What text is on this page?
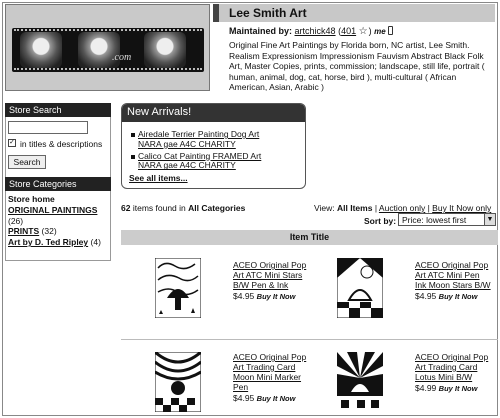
.com
Lee Smith Art
Maintained by: artchick48 (401 ☆) me
Original Fine Art Paintings by Florida born, NC artist, Lee Smith. Realism Expressionism Impressionism Fauvism Abstract Black Folk Art, Master Copies, prints, commission; landscape, still life, portrait ( human, animal, dog, cat, horse, bird ), multi-cultural ( African American, Asian, Arabic )
Store Search
✓ in titles & descriptions
Search
Store Categories
Store home
ORIGINAL PAINTINGS (26)
PRINTS (32)
Art by D. Ted Ripley (4)
New Arrivals!
Airedale Terrier Painting Dog Art
NARA gae A4C CHARITY
Calico Cat Painting FRAMED Art
NARA gae A4C CHARITY
See all items...
62 items found in All Categories	View: All Items | Auction only | Buy It Now only
Sort by: Price: lowest first	▼
Item Title
ACEO Original Pop Art ATC Mini Stars B/W Pen & Ink
$4.95 Buy It Now
ACEO Original Pop Art ATC Mini Pen Ink Moon Stars B/W
$4.95 Buy It Now
ACEO Original Pop Art Trading Card Moon Mini Marker Pen
$4.95 Buy It Now
ACEO Original Pop Art Trading Card Lotus Mini B/W
$4.99 Buy It Now
